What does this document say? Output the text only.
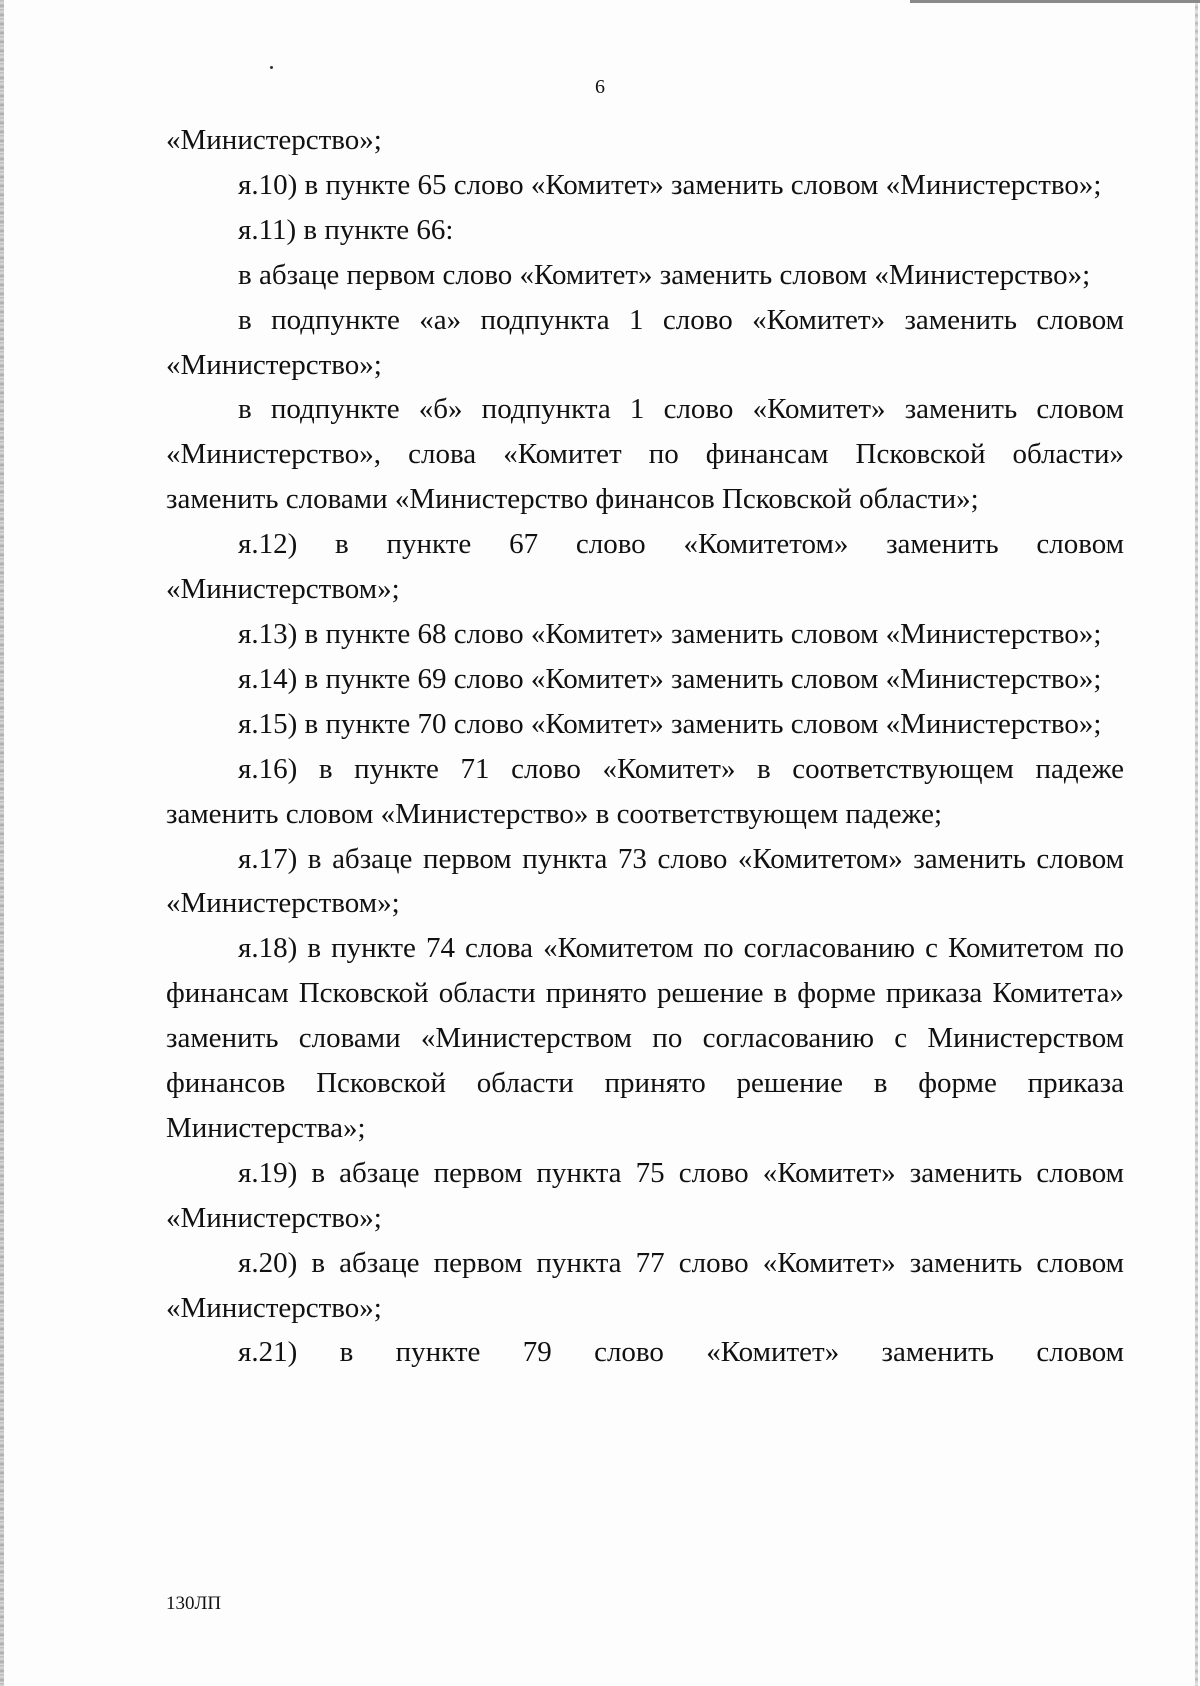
6

«Министерство»;

я.10) в пункте 65 слово «Комитет» заменить словом «Министерство»;

я.11) в пункте 66:

в абзаце первом слово «Комитет» заменить словом «Министерство»;

в подпункте «а» подпункта 1 слово «Комитет» заменить словом «Министерство»;

в подпункте «б» подпункта 1 слово «Комитет» заменить словом «Министерство», слова «Комитет по финансам Псковской области» заменить словами «Министерство финансов Псковской области»;

я.12) в пункте 67 слово «Комитетом» заменить словом «Министерством»;

я.13) в пункте 68 слово «Комитет» заменить словом «Министерство»;

я.14) в пункте 69 слово «Комитет» заменить словом «Министерство»;

я.15) в пункте 70 слово «Комитет» заменить словом «Министерство»;

я.16) в пункте 71 слово «Комитет» в соответствующем падеже заменить словом «Министерство» в соответствующем падеже;

я.17) в абзаце первом пункта 73 слово «Комитетом» заменить словом «Министерством»;

я.18) в пункте 74 слова «Комитетом по согласованию с Комитетом по финансам Псковской области принято решение в форме приказа Комитета» заменить словами «Министерством по согласованию с Министерством финансов Псковской области принято решение в форме приказа Министерства»;

я.19) в абзаце первом пункта 75 слово «Комитет» заменить словом «Министерство»;

я.20) в абзаце первом пункта 77 слово «Комитет» заменить словом «Министерство»;

я.21) в пункте 79 слово «Комитет» заменить словом

130ЛП
